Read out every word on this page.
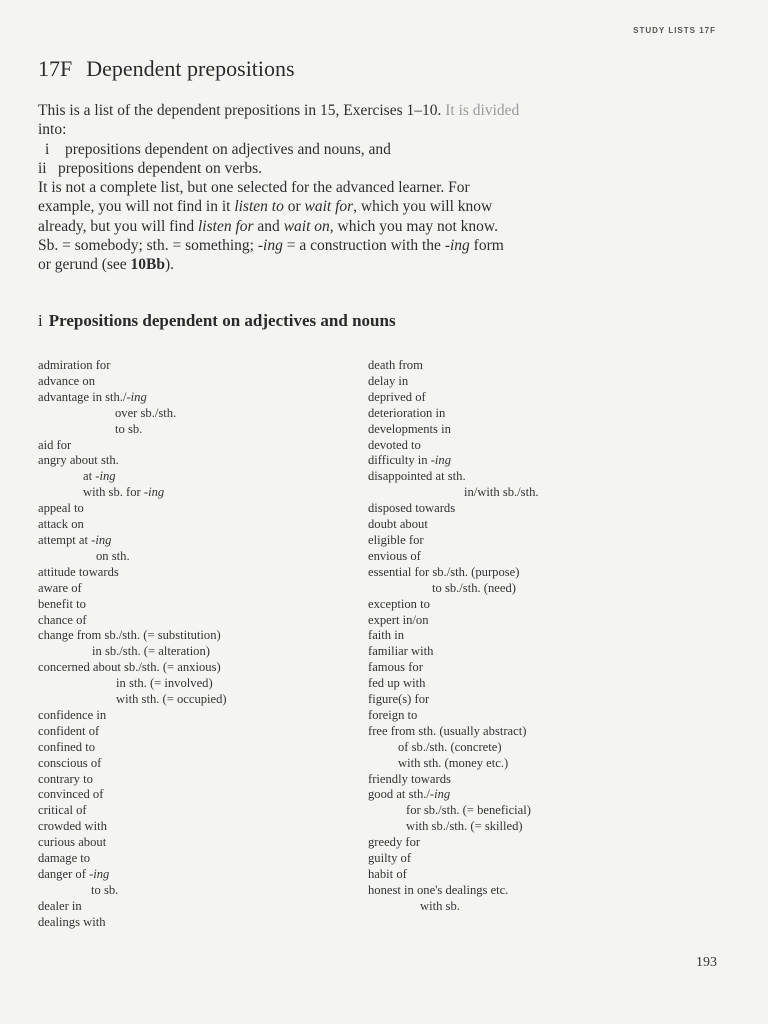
STUDY LISTS 17F
17F Dependent prepositions

This is a list of the dependent prepositions in 15, Exercises 1–10. It is divided

into:

i prepositions dependent on adjectives and nouns, and

ii prepositions dependent on verbs.

It is not a complete list, but one selected for the advanced learner. For

example, you will not find in it listen to or wait for, which you will know

already, but you will find listen for and wait on, which you may not know.

Sb. = somebody; sth. = something; -ing = a construction with the -ing form

or gerund (see 10Bb).

i Prepositions dependent on adjectives and nouns
admiration for
advance on
advantage in sth./-ing
over sb./sth.
to sb.
aid for
angry about sth.
at -ing
with sb. for -ing
appeal to
attack on
attempt at -ing
on sth.
attitude towards
aware of
benefit to
chance of
change from sb./sth. (= substitution)
in sb./sth. (= alteration)
concerned about sb./sth. (= anxious)
in sth. (= involved)
with sth. (= occupied)
confidence in
confident of
confined to
conscious of
contrary to
convinced of
critical of
crowded with
curious about
damage to
danger of -ing
to sb.
dealer in
dealings with
death from
delay in
deprived of
deterioration in
developments in
devoted to
difficulty in -ing
disappointed at sth.
in/with sb./sth.
disposed towards
doubt about
eligible for
envious of
essential for sb./sth. (purpose)
to sb./sth. (need)
exception to
expert in/on
faith in
familiar with
famous for
fed up with
figure(s) for
foreign to
free from sth. (usually abstract)
of sb./sth. (concrete)
with sth. (money etc.)
friendly towards
good at sth./-ing
for sb./sth. (= beneficial)
with sb./sth. (= skilled)
greedy for
guilty of
habit of
honest in one's dealings etc.
with sb.
193
